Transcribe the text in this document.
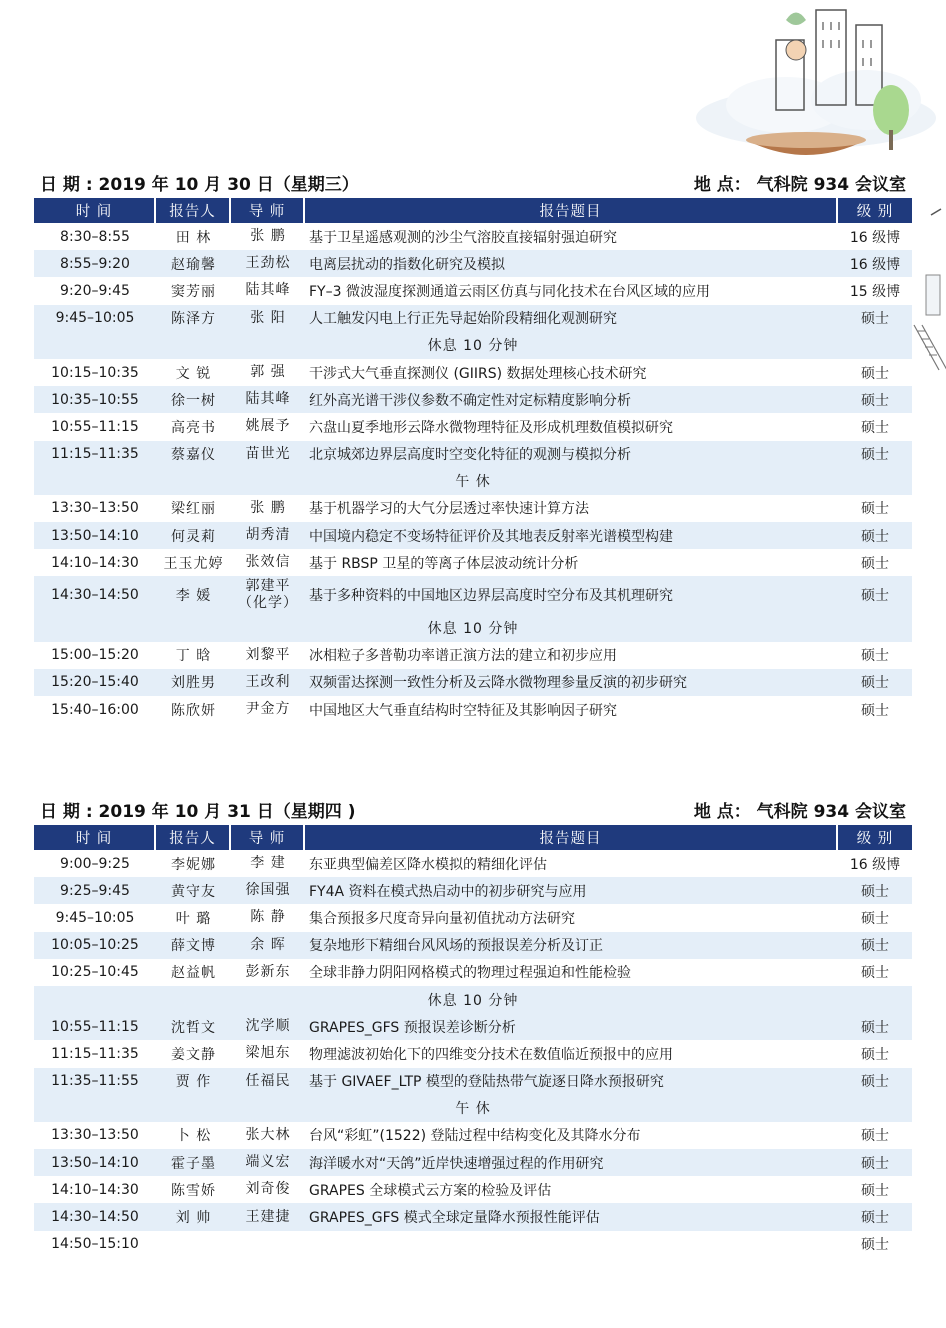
日 期 : 2019 年 10 月 30 日（星期三）	地 点： 气科院 934 会议室
时 间	报告人	导 师	报告题目	级 别
8:30–8:55	田 林	张 鹏	基于卫星遥感观测的沙尘气溶胶直接辐射强迫研究	16 级博
8:55–9:20	赵瑜馨	王劲松	电离层扰动的指数化研究及模拟	16 级博
9:20–9:45	窦芳丽	陆其峰	FY–3 微波湿度探测通道云雨区仿真与同化技术在台风区域的应用	15 级博
9:45–10:05	陈泽方	张 阳	人工触发闪电上行正先导起始阶段精细化观测研究	硕士
休息 10 分钟				
10:15–10:35	文 锐	郭 强	干涉式大气垂直探测仪 (GIIRS) 数据处理核心技术研究	硕士
10:35–10:55	徐一树	陆其峰	红外高光谱干涉仪参数不确定性对定标精度影响分析	硕士
10:55–11:15	高亮书	姚展予	六盘山夏季地形云降水微物理特征及形成机理数值模拟研究	硕士
11:15–11:35	蔡嘉仪	苗世光	北京城郊边界层高度时空变化特征的观测与模拟分析	硕士
午 休				
13:30–13:50	梁红丽	张 鹏	基于机器学习的大气分层透过率快速计算方法	硕士
13:50–14:10	何灵莉	胡秀清	中国境内稳定不变场特征评价及其地表反射率光谱模型构建	硕士
14:10–14:30	王玉尤婷	张效信	基于 RBSP 卫星的等离子体层波动统计分析	硕士
14:30–14:50	李 媛	郭建平（化学）	基于多种资料的中国地区边界层高度时空分布及其机理研究	硕士
休息 10 分钟				
15:00–15:20	丁 晗	刘黎平	冰相粒子多普勒功率谱正演方法的建立和初步应用	硕士
15:20–15:40	刘胜男	王改利	双频雷达探测一致性分析及云降水微物理参量反演的初步研究	硕士
15:40–16:00	陈欣妍	尹金方	中国地区大气垂直结构时空特征及其影响因子研究	硕士
日 期 : 2019 年 10 月 31 日（星期四 )	地 点： 气科院 934 会议室
时 间	报告人	导 师	报告题目	级 别
9:00–9:25	李妮娜	李 建	东亚典型偏差区降水模拟的精细化评估	16 级博
9:25–9:45	黄守友	徐国强	FY4A 资料在模式热启动中的初步研究与应用	硕士
9:45–10:05	叶 璐	陈 静	集合预报多尺度奇异向量初值扰动方法研究	硕士
10:05–10:25	薛文博	余 晖	复杂地形下精细台风风场的预报误差分析及订正	硕士
10:25–10:45	赵益帆	彭新东	全球非静力阴阳网格模式的物理过程强迫和性能检验	硕士
休息 10 分钟				
10:55–11:15	沈哲文	沈学顺	GRAPES_GFS 预报误差诊断分析	硕士
11:15–11:35	姜文静	梁旭东	物理滤波初始化下的四维变分技术在数值临近预报中的应用	硕士
11:35–11:55	贾 作	任福民	基于 GIVAEF_LTP 模型的登陆热带气旋逐日降水预报研究	硕士
午 休				
13:30–13:50	卜 松	张大林	台风“彩虹”(1522) 登陆过程中结构变化及其降水分布	硕士
13:50–14:10	霍子墨	端义宏	海洋暖水对“天鸽”近岸快速增强过程的作用研究	硕士
14:10–14:30	陈雪娇	刘奇俊	GRAPES 全球模式云方案的检验及评估	硕士
14:30–14:50	刘 帅	王建捷	GRAPES_GFS 模式全球定量降水预报性能评估	硕士
14:50–15:10				硕士
